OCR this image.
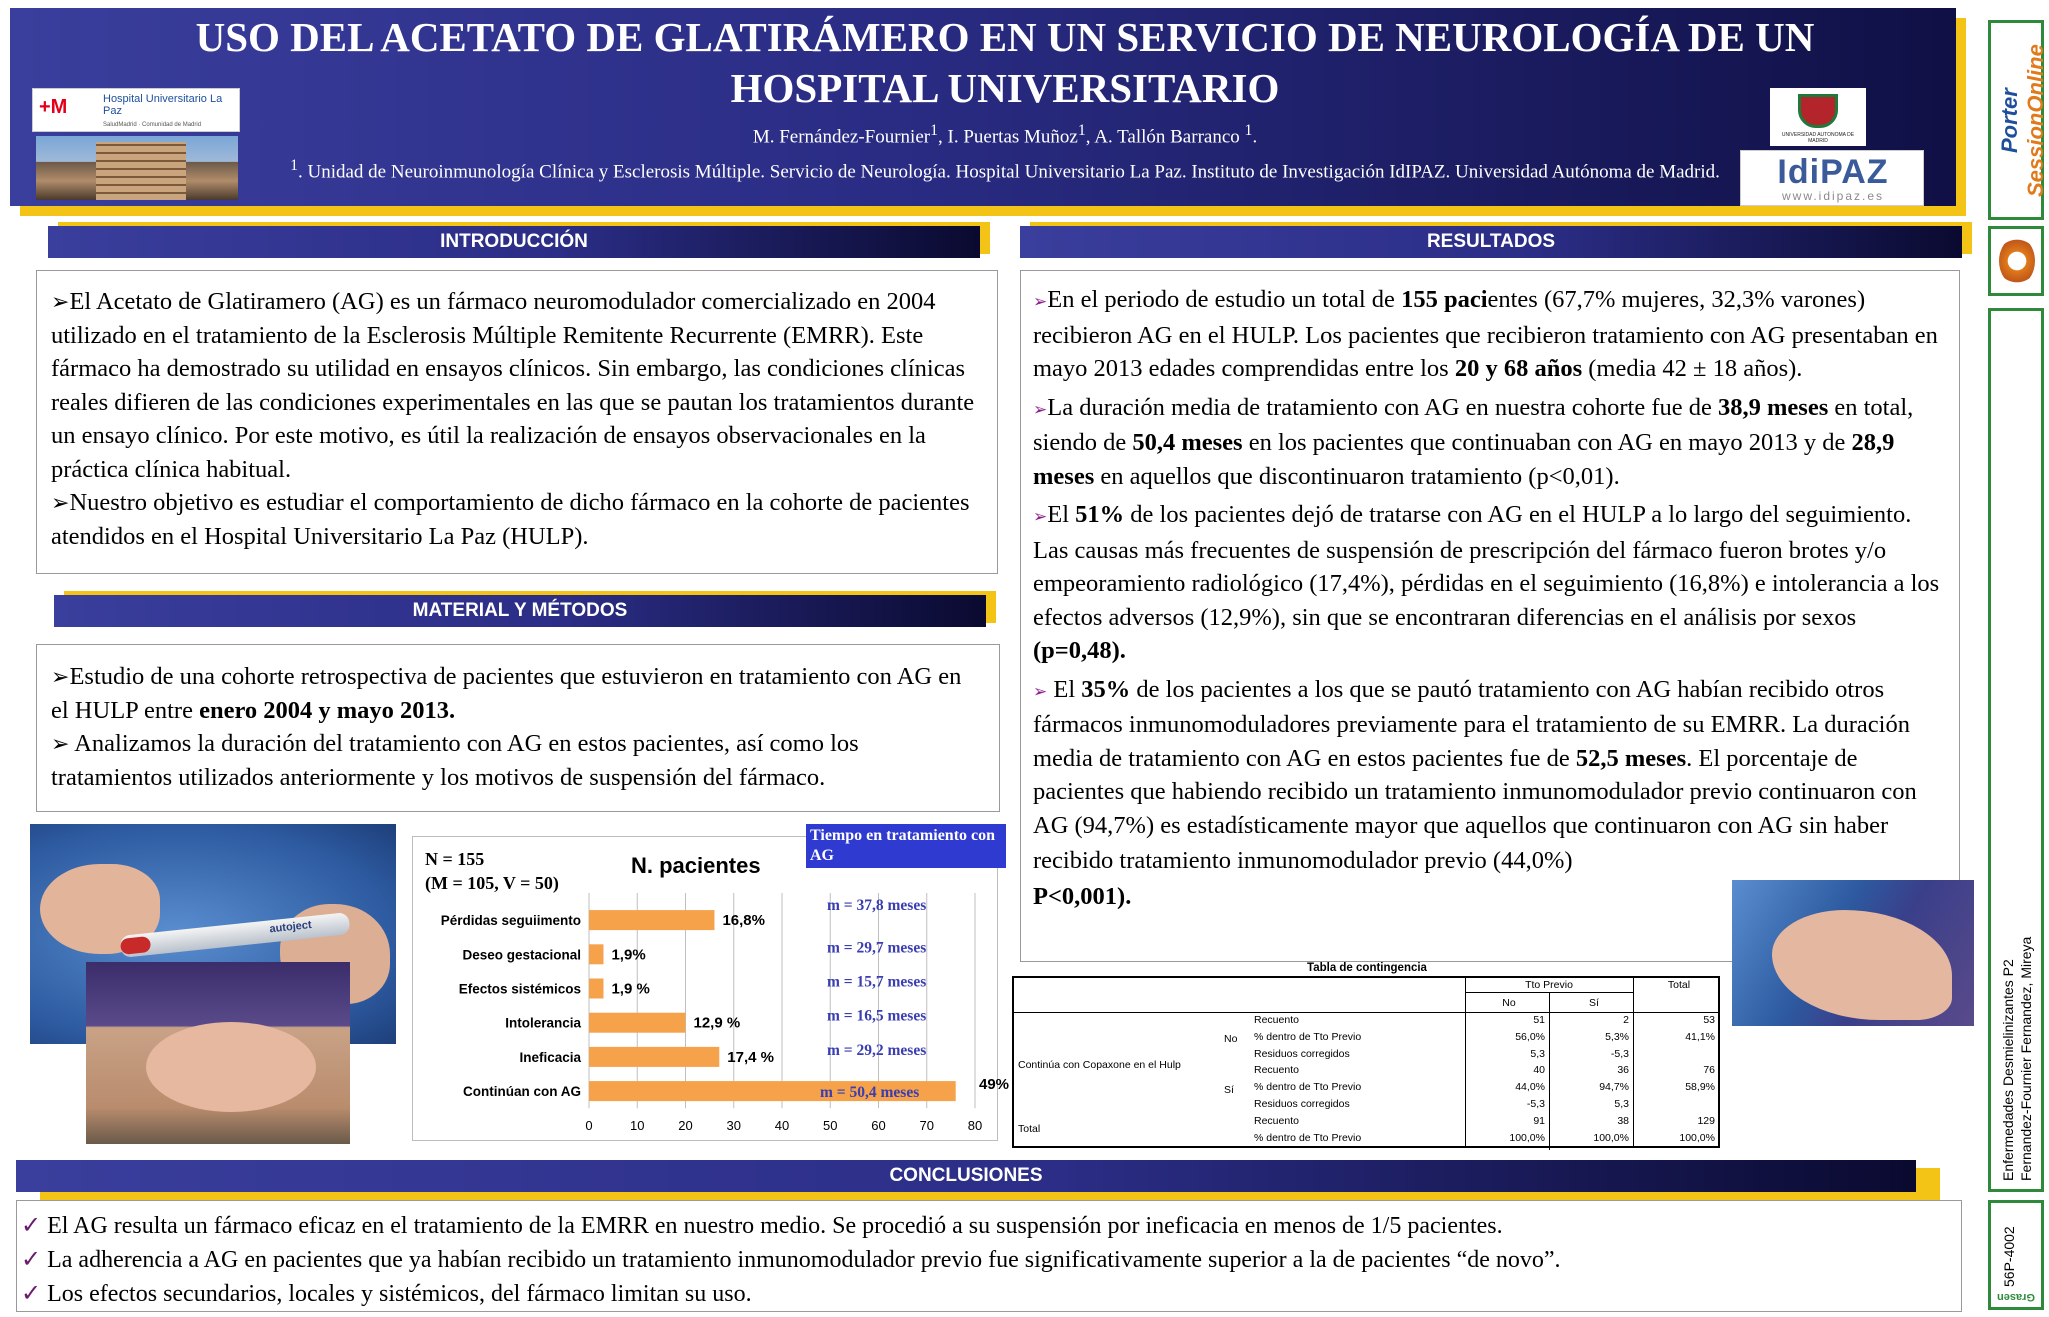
USO DEL ACETATO DE GLATIRÁMERO EN UN SERVICIO DE NEUROLOGÍA DE UN HOSPITAL UNIVERSITARIO
M. Fernández-Fournier$^1$, I. Puertas Muñoz$^1$, A. Tallón Barranco $^1$.
$^1$. Unidad de Neuroinmunología Clínica y Esclerosis Múltiple. Servicio de Neurología. Hospital Universitario La Paz. Instituto de Investigación IdIPAZ. Universidad Autónoma de Madrid.
+M	Hospital Universitario La Paz
SaludMadrid · Comunidad de Madrid
UNIVERSIDAD AUTONOMA DE MADRID
IdiPAZ
www.idipaz.es
INTRODUCCIÓN

➢El Acetato de Glatiramero (AG) es un fármaco neuromodulador comercializado en 2004 utilizado en el tratamiento de la Esclerosis Múltiple Remitente Recurrente (EMRR). Este fármaco ha demostrado su utilidad en ensayos clínicos. Sin embargo, las condiciones clínicas reales difieren de las condiciones experimentales en las que se pautan los tratamientos durante un ensayo clínico. Por este motivo, es útil la realización de ensayos observacionales en la práctica clínica habitual.

➢Nuestro objetivo es estudiar el comportamiento de dicho fármaco en la cohorte de pacientes atendidos en el Hospital Universitario La Paz (HULP).

MATERIAL Y MÉTODOS

➢Estudio de una cohorte retrospectiva de pacientes que estuvieron en tratamiento con AG en el HULP entre enero 2004 y mayo 2013.

➢ Analizamos la duración del tratamiento con AG en estos pacientes, así como los tratamientos utilizados anteriormente y los motivos de suspensión del fármaco.

autoject
0	10	20	30	40	50	60	70	80
Pérdidas seguiimento	16,8%
m = 37,8 meses
Deseo gestacional 1,9%	m = 29,7 meses
Efectos sistémicos 1,9 %	m = 15,7 meses
Intolerancia	12,9 %	m = 16,5 meses
Ineficacia	17,4 %	m = 29,2 meses
Continúan con AG	49%
m = 50,4 meses
N = 155
(M = 105, V = 50)
N. pacientes
Tiempo en tratamiento con AG
RESULTADOS

➢En el periodo de estudio un total de 155 pacientes (67,7% mujeres, 32,3% varones) recibieron AG en el HULP. Los pacientes que recibieron tratamiento con AG presentaban en mayo 2013 edades comprendidas entre los 20 y 68 años (media 42 ± 18 años).

➢La duración media de tratamiento con AG en nuestra cohorte fue de 38,9 meses en total, siendo de 50,4 meses en los pacientes que continuaban con AG en mayo 2013 y de 28,9 meses en aquellos que discontinuaron tratamiento (p<0,01).

➢El 51% de los pacientes dejó de tratarse con AG en el HULP a lo largo del seguimiento. Las causas más frecuentes de suspensión de prescripción del fármaco fueron brotes y/o empeoramiento radiológico (17,4%), pérdidas en el seguimiento (16,8%) e intolerancia a los efectos adversos (12,9%), sin que se encontraran diferencias en el análisis por sexos (p=0,48).

➢ El 35% de los pacientes a los que se pautó tratamiento con AG habían recibido otros fármacos inmunomoduladores previamente para el tratamiento de su EMRR. La duración media de tratamiento con AG en estos pacientes fue de 52,5 meses. El porcentaje de pacientes que habiendo recibido un tratamiento inmunomodulador previo continuaron con AG (94,7%) es estadísticamente mayor que aquellos que continuaron con AG sin haber

recibido tratamiento inmunomodulador previo (44,0%)

P<0,001).

Tabla de contingencia
Tto Previo
No	Sí
Total
Continúa con Copaxone en el Hulp
No
Sí
Total
Recuento	51	2	53
% dentro de Tto Previo	56,0%	5,3%	41,1%
Residuos corregidos	5,3	-5,3
Recuento	40	36	76
% dentro de Tto Previo	44,0%	94,7%	58,9%
Residuos corregidos	-5,3	5,3
Recuento	91	38	129
% dentro de Tto Previo	100,0%	100,0%	100,0%
CONCLUSIONES
✓ El AG resulta un fármaco eficaz en el tratamiento de la EMRR en nuestro medio. Se procedió a su suspensión por ineficacia en menos de 1/5 pacientes.
✓ La adherencia a AG en pacientes que ya habían recibido un tratamiento inmunomodulador previo fue significativamente superior a la de pacientes “de novo”.
✓ Los efectos secundarios, locales y sistémicos, del fármaco limitan su uso.
Porter
SessionOnline
Enfermedades Desmielinizantes P2 Fernandez-Fournier Fernandez, Mireya
56P-4002
Grasen
